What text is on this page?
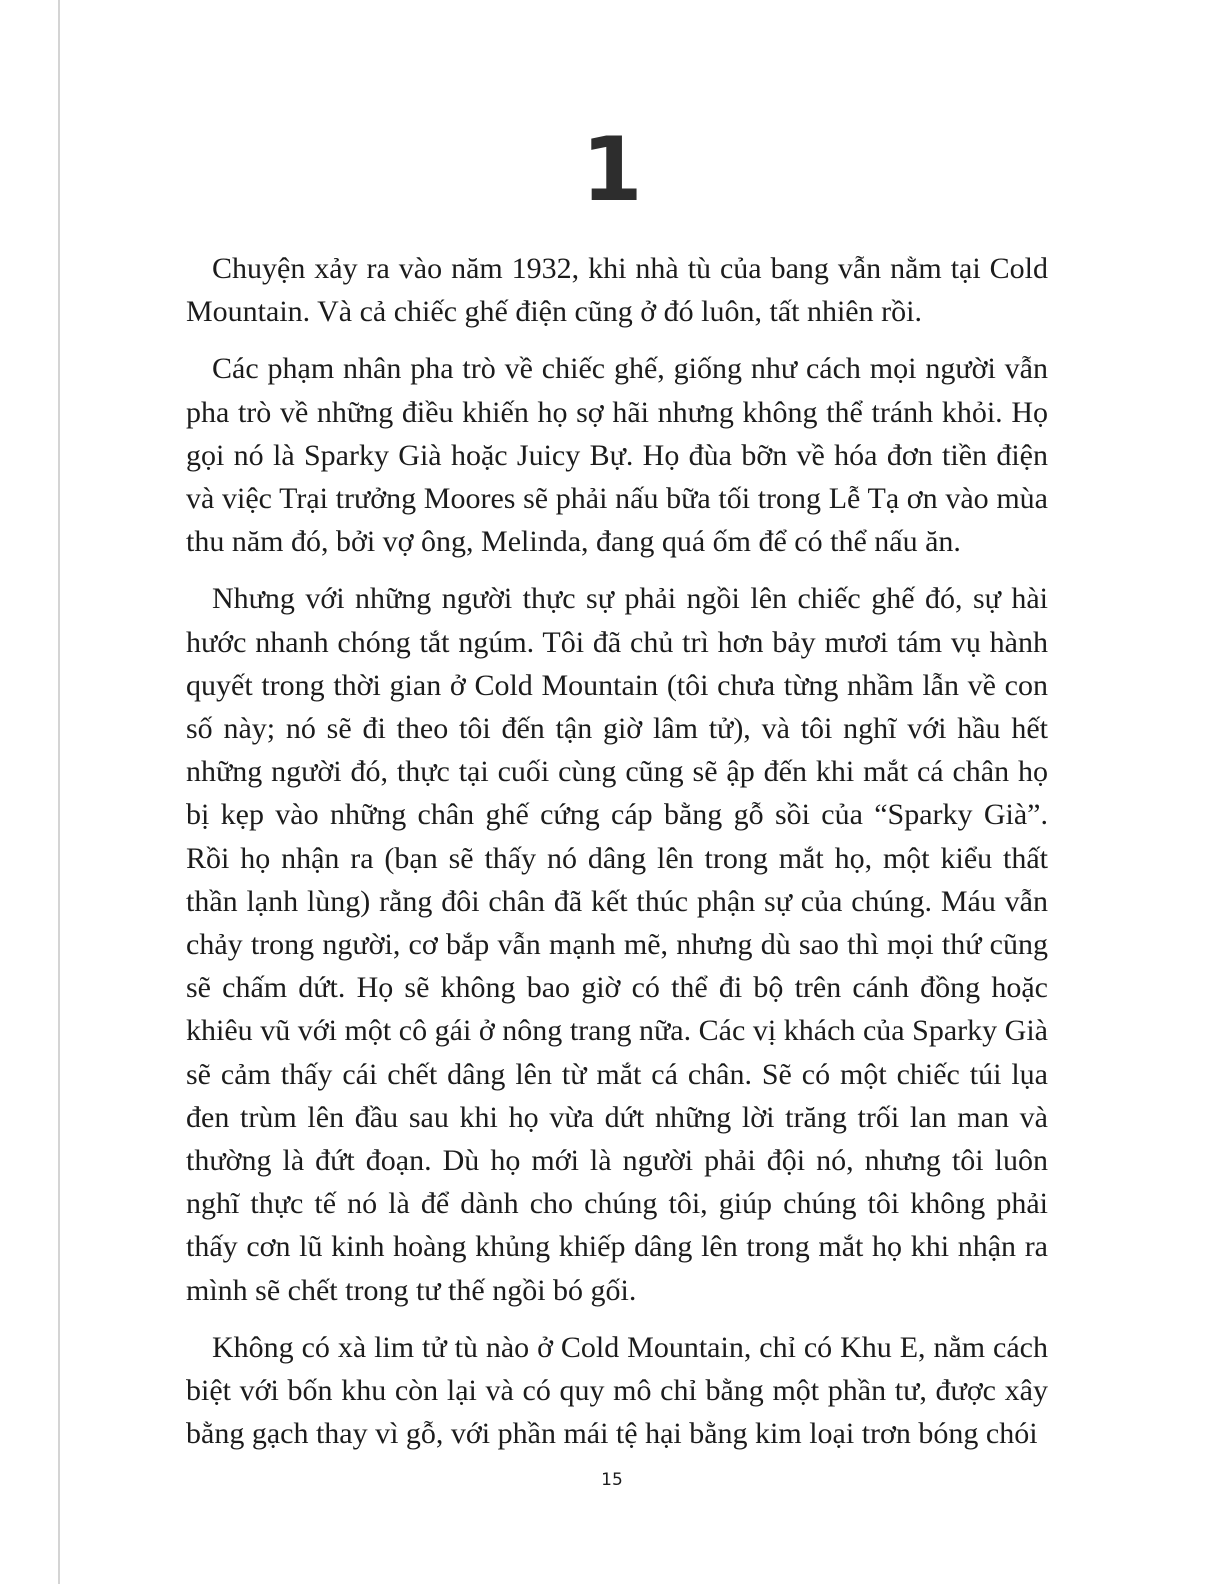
1

Chuyện xảy ra vào năm 1932, khi nhà tù của bang vẫn nằm tại Cold Mountain. Và cả chiếc ghế điện cũng ở đó luôn, tất nhiên rồi.

Các phạm nhân pha trò về chiếc ghế, giống như cách mọi người vẫn pha trò về những điều khiến họ sợ hãi nhưng không thể tránh khỏi. Họ gọi nó là Sparky Già hoặc Juicy Bự. Họ đùa bỡn về hóa đơn tiền điện và việc Trại trưởng Moores sẽ phải nấu bữa tối trong Lễ Tạ ơn vào mùa thu năm đó, bởi vợ ông, Melinda, đang quá ốm để có thể nấu ăn.

Nhưng với những người thực sự phải ngồi lên chiếc ghế đó, sự hài hước nhanh chóng tắt ngúm. Tôi đã chủ trì hơn bảy mươi tám vụ hành quyết trong thời gian ở Cold Mountain (tôi chưa từng nhầm lẫn về con số này; nó sẽ đi theo tôi đến tận giờ lâm tử), và tôi nghĩ với hầu hết những người đó, thực tại cuối cùng cũng sẽ ập đến khi mắt cá chân họ bị kẹp vào những chân ghế cứng cáp bằng gỗ sồi của “Sparky Già”. Rồi họ nhận ra (bạn sẽ thấy nó dâng lên trong mắt họ, một kiểu thất thần lạnh lùng) rằng đôi chân đã kết thúc phận sự của chúng. Máu vẫn chảy trong người, cơ bắp vẫn mạnh mẽ, nhưng dù sao thì mọi thứ cũng sẽ chấm dứt. Họ sẽ không bao giờ có thể đi bộ trên cánh đồng hoặc khiêu vũ với một cô gái ở nông trang nữa. Các vị khách của Sparky Già sẽ cảm thấy cái chết dâng lên từ mắt cá chân. Sẽ có một chiếc túi lụa đen trùm lên đầu sau khi họ vừa dứt những lời trăng trối lan man và thường là đứt đoạn. Dù họ mới là người phải đội nó, nhưng tôi luôn nghĩ thực tế nó là để dành cho chúng tôi, giúp chúng tôi không phải thấy cơn lũ kinh hoàng khủng khiếp dâng lên trong mắt họ khi nhận ra mình sẽ chết trong tư thế ngồi bó gối.

Không có xà lim tử tù nào ở Cold Mountain, chỉ có Khu E, nằm cách biệt với bốn khu còn lại và có quy mô chỉ bằng một phần tư, được xây bằng gạch thay vì gỗ, với phần mái tệ hại bằng kim loại trơn bóng chói

15
